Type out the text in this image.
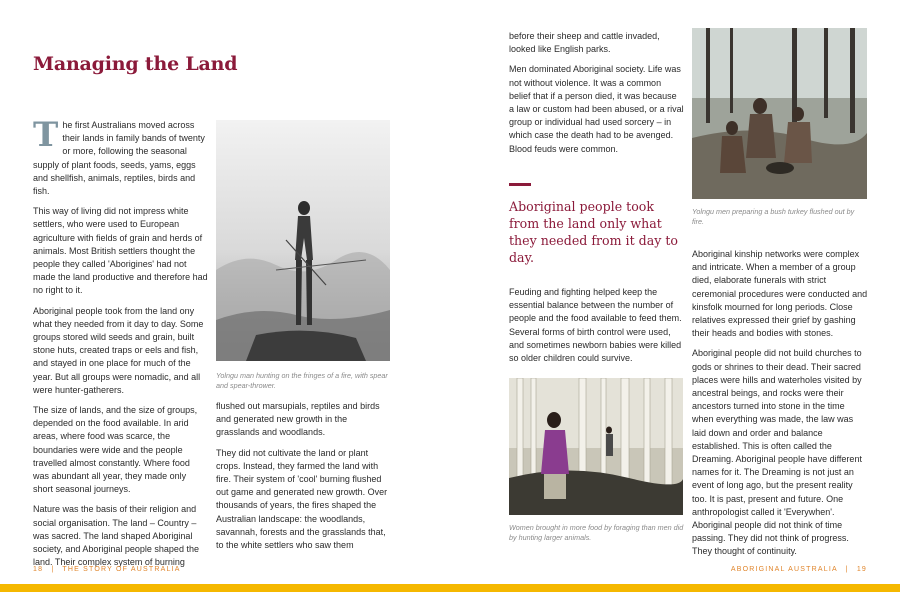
Managing the Land

The first Australians moved across their lands in family bands of twenty or more, following the seasonal supply of plant foods, seeds, yams, eggs and shellfish, animals, reptiles, birds and fish.

This way of living did not impress white settlers, who were used to European agriculture with fields of grain and herds of animals. Most British settlers thought the people they called 'Aborigines' had not made the land productive and therefore had no right to it.

Aboriginal people took from the land ony what they needed from it day to day. Some groups stored wild seeds and grain, built stone huts, created traps or eels and fish, and stayed in one place for much of the year. But all groups were nomadic, and all were hunter-gatherers.

The size of lands, and the size of groups, depended on the food available. In arid areas, where food was scarce, the boundaries were wide and the people travelled almost constantly. Where food was abundant all year, they made only short seasonal journeys.

Nature was the basis of their religion and social organisation. The land – Country – was sacred. The land shaped Aboriginal society, and Aboriginal people shaped the land. Their complex system of burning

Yolngu man hunting on the fringes of a fire, with spear and spear-thrower.

flushed out marsupials, reptiles and birds and generated new growth in the grasslands and woodlands.

They did not cultivate the land or plant crops. Instead, they farmed the land with fire. Their system of 'cool' burning flushed out game and generated new growth. Over thousands of years, the fires shaped the Australian landscape: the woodlands, savannah, forests and the grasslands that, to the white settlers who saw them

before their sheep and cattle invaded, looked like English parks.

Men dominated Aboriginal society. Life was not without violence. It was a common belief that if a person died, it was because a law or custom had been abused, or a rival group or individual had used sorcery – in which case the death had to be avenged. Blood feuds were common.

Aboriginal people took from the land only what they needed from it day to day.

Feuding and fighting helped keep the essential balance between the number of people and the food available to feed them. Several forms of birth control were used, and sometimes newborn babies were killed so older children could survive.

Women brought in more food by foraging than men did by hunting larger animals.

Yolngu men preparing a bush turkey flushed out by fire.

Aboriginal kinship networks were complex and intricate. When a member of a group died, elaborate funerals with strict ceremonial procedures were conducted and kinsfolk mourned for long periods. Close relatives expressed their grief by gashing their heads and bodies with stones.

Aboriginal people did not build churches to gods or shrines to their dead. Their sacred places were hills and waterholes visited by ancestral beings, and rocks were their ancestors turned into stone in the time when everything was made, the law was laid down and order and balance established. This is often called the Dreaming. Aboriginal people have different names for it. The Dreaming is not just an event of long ago, but the present reality too. It is past, present and future. One anthropologist called it 'Everywhen'. Aboriginal people did not think of time passing. They did not think of progress. They thought of continuity.

18 | THE STORY OF AUSTRALIA	ABORIGINAL AUSTRALIA | 19
